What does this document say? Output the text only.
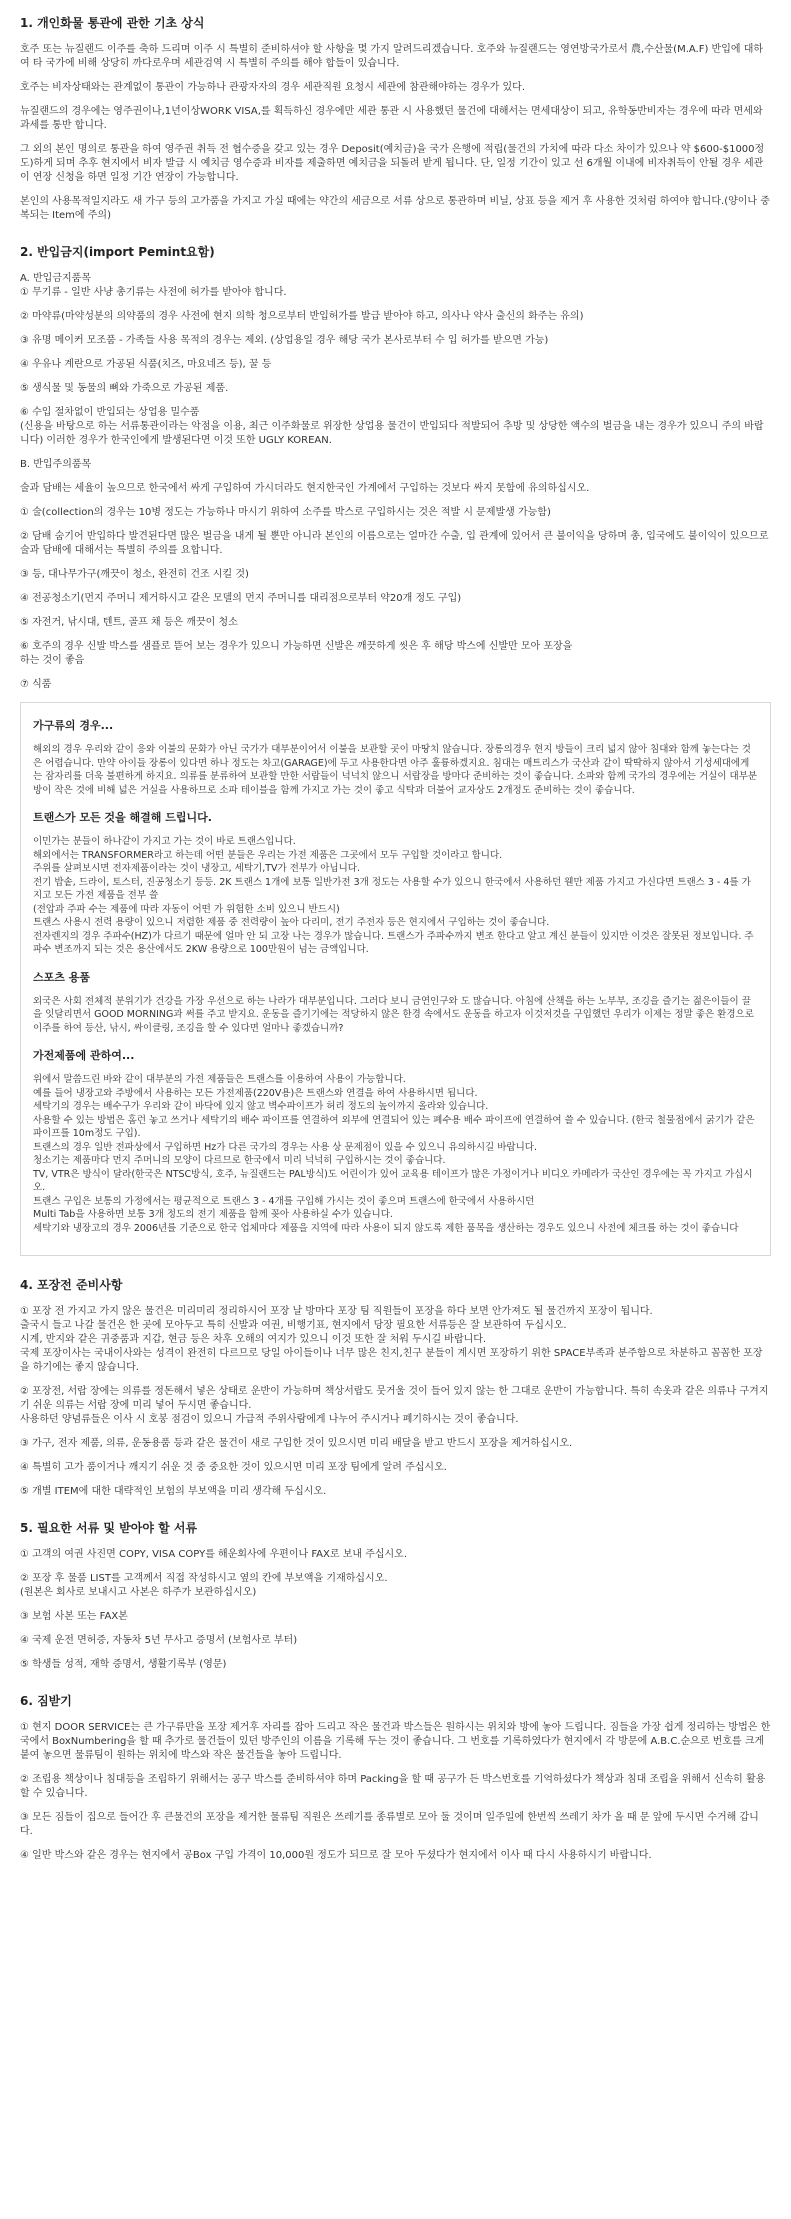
1. 개인화물 통관에 관한 기초 상식

호주 또는 뉴질랜드 이주를 축하 드리며 이주 시 특별히 준비하셔야 할 사항을 몇 가지 알려드리겠습니다. 호주와 뉴질랜드는 영연방국가로서 農,수산물(M.A.F) 반입에 대하여 타 국가에 비해 상당히 까다로우며 세관검역 시 특별히 주의를 해야 합들이 있습니다.

호주는 비자상태와는 관계없이 통관이 가능하나 관광자자의 경우 세관직원 요청시 세관에 참관해야하는 경우가 있다.

뉴질랜드의 경우에는 영주권이나,1년이상WORK VISA,를 획득하신 경우에만 세관 통관 시 사용했던 물건에 대해서는 면세대상이 되고, 유학동반비자는 경우에 따라 면세와 과세를 통반 합니다.

그 외의 본인 명의로 통관을 하여 영주권 취득 전 협수증을 갖고 있는 경우 Deposit(예치금)을 국가 은행에 적립(물건의 가치에 따라 다소 차이가 있으나 약 $600-$1000정도)하게 되며 추후 현지에서 비자 발급 시 예치금 영수증과 비자를 제출하면 예치금을 되돌려 받게 됩니다. 단, 일정 기간이 있고 선 6개월 이내에 비자취득이 안될 경우 세관이 연장 신청을 하면 일정 기간 연장이 가능합니다.

본인의 사용목적일지라도 새 가구 등의 고가품을 가지고 가실 때에는 약간의 세금으로 서류 상으로 통관하며 비닐, 상표 등을 제거 후 사용한 것처럼 하여야 합니다.(양이나 중복되는 Item에 주의)

2. 반입금지(import Pemint요함)

A. 반입금지품목
① 무기류 - 일반 사냥 총기류는 사전에 허가를 받아야 합니다.

② 마약류(마약성분의 의약품의 경우 사전에 현지 의학 청으로부터 반입허가를 발급 받아야 하고, 의사나 약사 출신의 화주는 유의)

③ 유명 메이커 모조품 - 가족들 사용 목적의 경우는 제외. (상업용일 경우 해당 국가 본사로부터 수 입 허가를 받으면 가능)

④ 우유나 계란으로 가공된 식품(치즈, 마요네즈 등), 꿀 등

⑤ 생식물 및 동물의 뼈와 가죽으로 가공된 제품.

⑥ 수입 절차없이 반입되는 상업용 밀수품
(신용을 바탕으로 하는 서류통관이라는 악점을 이용, 최근 이주화물로 위장한 상업용 물건이 반입되다 적발되어 추방 및 상당한 액수의 벌금을 내는 경우가 있으니 주의 바랍니다) 이러한 경우가 한국인에게 발생된다면 이것 또한 UGLY KOREAN.

B. 반입주의품목

술과 담배는 세율이 높으므로 한국에서 싸게 구입하여 가시더라도 현지한국인 가계에서 구입하는 것보다 싸지 못함에 유의하십시오.

① 술(collection의 경우는 10병 정도는 가능하나 마시기 위하여 소주를 박스로 구입하시는 것은 적발 시 문제발생 가능함)

② 담배 숨기어 반입하다 발견된다면 많은 벌금을 내게 될 뿐만 아니라 본인의 이름으로는 얼마간 수출, 입 관계에 있어서 큰 불이익을 당하며 총, 입국에도 불이익이 있으므로 술과 담배에 대해서는 특별히 주의를 요합니다.

③ 등, 대나무가구(깨끗이 청소, 완전히 건조 시킬 것)

④ 전공청소기(먼지 주머니 제거하시고 같은 모델의 먼지 주머니를 대리점으로부터 약20개 정도 구입)

⑤ 자전거, 낚시대, 텐트, 골프 채 등은 깨끗이 청소

⑥ 호주의 경우 신발 박스를 샘플로 뜯어 보는 경우가 있으니 가능하면 신발은 깨끗하게 씻은 후 해당 박스에 신발만 모아 포장을
하는 것이 좋음

⑦ 식품

가구류의 경우...

해외의 경우 우리와 같이 응와 이불의 문화가 아닌 국가가 대부분이어서 이불을 보관할 곳이 마땅치 않습니다. 장롱의경우 현지 방들이 크리 넓지 않아 침대와 함께 놓는다는 것은 어렵습니다. 만약 아이들 장롱이 있다면 하나 정도는 차고(GARAGE)에 두고 사용한다면 아주 훌륭하겠지요. 침대는 매트리스가 국산과 같이 딱딱하지 않아서 기성세대에게는 잠자리를 더욱 불편하게 하지요. 의류를 분류하여 보관할 만한 서랍들이 넉넉치 않으니 서랍장을 방마다 준비하는 것이 좋습니다. 소파와 함께 국가의 경우에는 거실이 대부분 방이 작은 것에 비해 넓은 거실을 사용하므로 소파 테이블을 함께 가지고 가는 것이 좋고 식탁과 더불어 교자상도 2개정도 준비하는 것이 좋습니다.

트랜스가 모든 것을 해결해 드립니다.

이민가는 분들이 하나같이 가지고 가는 것이 바로 트랜스입니다.
해외에서는 TRANSFORMER라고 하는데 어떤 분들은 우리는 가전 제품은 그곳에서 모두 구입할 것이라고 합니다.
주위를 살펴보시면 전자제품이라는 것이 냉장고, 세탁기,TV가 전부가 아닙니다.
전기 밥솥, 드라이, 토스터, 진공청소기 등등. 2K 트랜스 1개에 보통 일반가전 3개 정도는 사용할 수가 있으니 한국에서 사용하던 웬만 제품 가지고 가신다면 트랜스 3 - 4를 가지고 모든 가전 제품을 전부 쓸
(전압과 주파 수는 제품에 따라 자동이 어떤 가 위험한 소비 있으니 반드시)
트랜스 사용시 전력 용량이 있으니 저렴한 제품 중 전력량이 높아 다리미, 전기 주전자 등은 현지에서 구입하는 것이 좋습니다.
전자렌지의 경우 주파수(HZ)가 다르기 때문에 얼마 안 되 고장 나는 경우가 많습니다. 트랜스가 주파수까지 변조 한다고 알고 계신 분들이 있지만 이것은 잘못된 정보입니다. 주파수 변조까지 되는 것은 용산에서도 2KW 용량으로 100만원이 넘는 금액입니다.

스포츠 용품

외국은 사회 전체적 분위기가 건강을 가장 우선으로 하는 나라가 대부분입니다. 그러다 보니 금연인구와 도 많습니다. 아침에 산책을 하는 노부부, 조깅을 즐기는 젊은이들이 끌을 잇달리면서 GOOD MORNING과 써를 주고 받지요. 운동을 즐기기에는 적당하지 않은 한경 속에서도 운동을 하고자 이것저것을 구입했던 우리가 이제는 정말 좋은 환경으로 이주를 하여 등산, 낚시, 싸이클링, 조깅을 할 수 있다면 얼마나 좋겠습니까?

가전제품에 관하여...

위에서 말씀드린 바와 같이 대부분의 가전 제품들은 트랜스를 이용하여 사용이 가능합니다.
예를 들어 냉장고와 주방에서 사용하는 모든 가전제품(220V용)은 트랜스와 연결을 하여 사용하시면 됩니다.
세탁기의 경우는 배수구가 우리와 같이 바닥에 있지 않고 벽수파이프가 허리 정도의 높이까지 올라와 있습니다.
사용할 수 있는 방법은 홈런 놓고 쓰거나 세탁기의 배수 파이프를 연결하여 외부에 연결되어 있는 폐수용 배수 파이프에 연결하여 쓸 수 있습니다. (한국 철물점에서 굵기가 같은 파이프를 10m정도 구입).
트랜스의 경우 일반 전파상에서 구입하면 Hz가 다른 국가의 경우는 사용 상 문제점이 있을 수 있으니 유의하시길 바랍니다.
청소기는 제품마다 먼지 주머니의 모양이 다르므로 한국에서 미리 넉넉히 구입하시는 것이 좋습니다.
TV, VTR은 방식이 달라(한국은 NTSC방식, 호주, 뉴질랜드는 PAL방식)도 어린이가 있어 교육용 테이프가 많은 가정이거나 비디오 카메라가 국산인 경우에는 꼭 가지고 가십시오.
트랜스 구입은 보통의 가정에서는 평균적으로 트랜스 3 - 4개를 구입해 가시는 것이 좋으며 트랜스에 한국에서 사용하시던
Multi Tab을 사용하면 보통 3개 정도의 전기 제품을 함께 꽂아 사용하실 수가 있습니다.
세탁기와 냉장고의 경우 2006년를 기준으로 한국 업체마다 제품을 지역에 따라 사용이 되지 않도록 제한 품목을 생산하는 경우도 있으니 사전에 체크를 하는 것이 좋습니다

4. 포장전 준비사항

① 포장 전 가지고 가지 않은 물건은 미리미리 정리하시어 포장 날 방마다 포장 팀 직원들이 포장을 하다 보면 안가져도 될 물건까지 포장이 됩니다.
출국시 들고 나갈 물건은 한 곳에 모아두고 특히 신발과 여권, 비행기표, 현지에서 당장 필요한 서류등은 잘 보관하여 두십시오.
시계, 반지와 같은 귀중품과 지갑, 현금 등은 차후 오해의 여지가 있으니 이것 또한 잘 처워 두시길 바랍니다.
국제 포장이사는 국내이사와는 성격이 완전히 다르므로 당일 아이들이나 너무 많은 친지,친구 분들이 계시면 포장하기 위한 SPACE부족과 분주함으로 차분하고 꼼꼼한 포장을 하기에는 좋지 않습니다.

② 포장전, 서랍 장에는 의류를 정돈해서 넣은 상태로 운반이 가능하며 책상서랍도 뭇거울 것이 들어 있지 않는 한 그대로 운반이 가능합니다. 특히 속옷과 같은 의류나 구겨지기 쉬운 의류는 서랍 장에 미리 넣어 두시면 좋습니다.
사용하던 양념류들은 이사 시 호봉 점검이 있으니 가급적 주위사람에게 나누어 주시거나 폐기하시는 것이 좋습니다.

③ 가구, 전자 제품, 의류, 운동용품 등과 같은 물건이 새로 구입한 것이 있으시면 미리 배달을 받고 반드시 포장을 제거하십시오.

④ 특별히 고가 품이거나 깨지기 쉬운 것 중 중요한 것이 있으시면 미리 포장 팀에게 알려 주십시오.

⑤ 개별 ITEM에 대한 대략적인 보험의 부보액을 미리 생각해 두십시오.

5. 필요한 서류 및 받아야 할 서류

① 고객의 여권 사진면 COPY, VISA COPY를 해운회사에 우편이나 FAX로 보내 주십시오.

② 포장 후 물품 LIST를 고객께서 직접 작성하시고 옆의 칸에 부보액을 기재하십시오.
(원본은 회사로 보내시고 사본은 하주가 보관하십시오)

③ 보험 사본 또는 FAX본

④ 국제 운전 면허증, 자동차 5년 무사고 증명서 (보험사로 부터)

⑤ 학생들 성적, 재학 증명서, 생활기록부 (영문)

6. 짐받기

① 현지 DOOR SERVICE는 큰 가구류만을 포장 제거후 자리를 잡아 드리고 작은 물건과 박스들은 원하시는 위치와 방에 놓아 드립니다. 짐들을 가장 쉽게 정리하는 방법은 한국에서 BoxNumbering을 할 때 추가로 물건들이 있던 방주인의 이름을 기록해 두는 것이 좋습니다. 그 번호를 기록하였다가 현지에서 각 방문에 A.B.C.순으로 번호를 크게 붙여 놓으면 물류팀이 원하는 위치에 박스와 작은 물건들을 놓아 드립니다.

② 조립용 책상이나 침대등을 조립하기 위해서는 공구 박스를 준비하셔야 하며 Packing을 할 때 공구가 든 박스번호를 기억하셨다가 책상과 침대 조립을 위해서 신속히 활용할 수 있습니다.

③ 모든 짐들이 집으로 들어간 후 큰물건의 포장을 제거한 물류팀 직원은 쓰레기를 종류별로 모아 둘 것이며 일주일에 한번씩 쓰레기 차가 올 때 문 앞에 두시면 수거해 갑니다.

④ 일반 박스와 같은 경우는 현지에서 공Box 구입 가격이 10,000원 정도가 되므로 잘 모아 두셨다가 현지에서 이사 때 다시 사용하시기 바랍니다.
